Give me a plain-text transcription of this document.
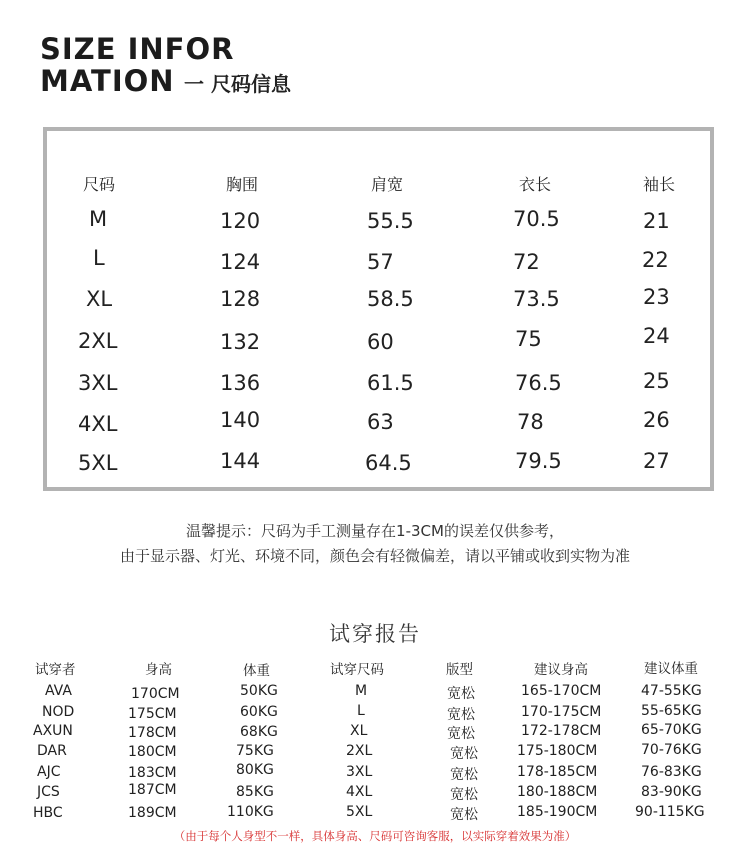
SIZE INFOR
MATION 一 尺码信息
尺码	胸围	肩宽	衣长	袖长
M	120	55.5	70.5	21
L	124	57	72	22
XL	128	58.5	73.5	23
2XL	132	60	75	24
3XL	136	61.5	76.5	25
4XL	140	63	78	26
5XL	144	64.5	79.5	27
温馨提示：尺码为手工测量存在1-3CM的误差仅供参考，
由于显示器、灯光、环境不同，颜色会有轻微偏差，请以平铺或收到实物为准
试穿报告
试穿者	身高	体重	试穿尺码	版型	建议身高	建议体重
AVA	170CM	50KG	M	宽松	165-170CM	47-55KG
NOD	175CM	60KG	L	宽松	170-175CM	55-65KG
AXUN	178CM	68KG	XL	宽松	172-178CM	65-70KG
DAR	180CM	75KG	2XL	宽松	175-180CM	70-76KG
AJC	183CM	80KG	3XL	宽松	178-185CM	76-83KG
JCS	187CM	85KG	4XL	宽松	180-188CM	83-90KG
HBC	189CM	110KG	5XL	宽松	185-190CM	90-115KG
（由于每个人身型不一样，具体身高、尺码可咨询客服，以实际穿着效果为准）
